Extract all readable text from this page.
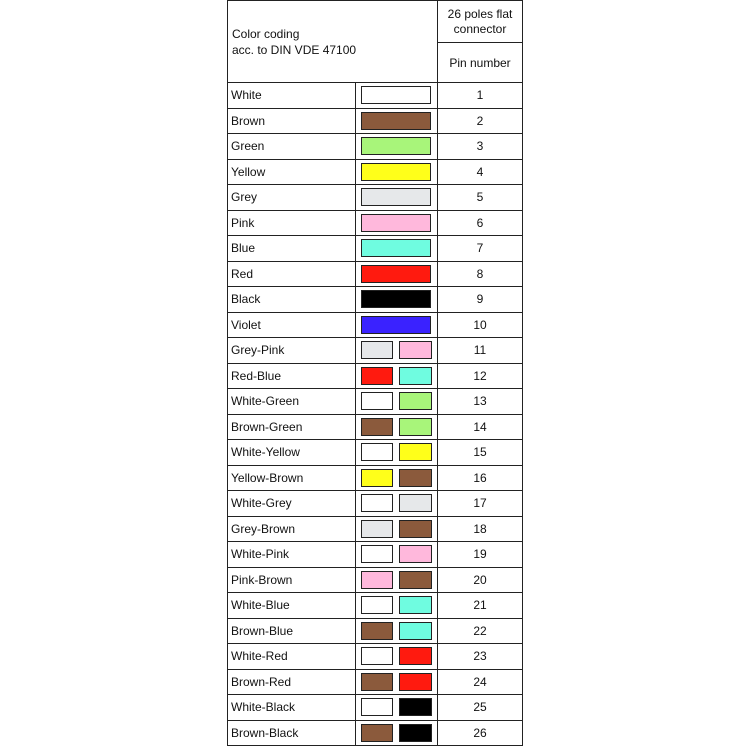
Color coding
acc. to DIN VDE 47100		26 poles flat
connector

		Pin number
White		1
Brown		2
Green		3
Yellow		4
Grey		5
Pink		6
Blue		7
Red		8
Black		9
Violet		10
Grey-Pink		11
Red-Blue		12
White-Green		13
Brown-Green		14
White-Yellow		15
Yellow-Brown		16
White-Grey		17
Grey-Brown		18
White-Pink		19
Pink-Brown		20
White-Blue		21
Brown-Blue		22
White-Red		23
Brown-Red		24
White-Black		25
Brown-Black		26
